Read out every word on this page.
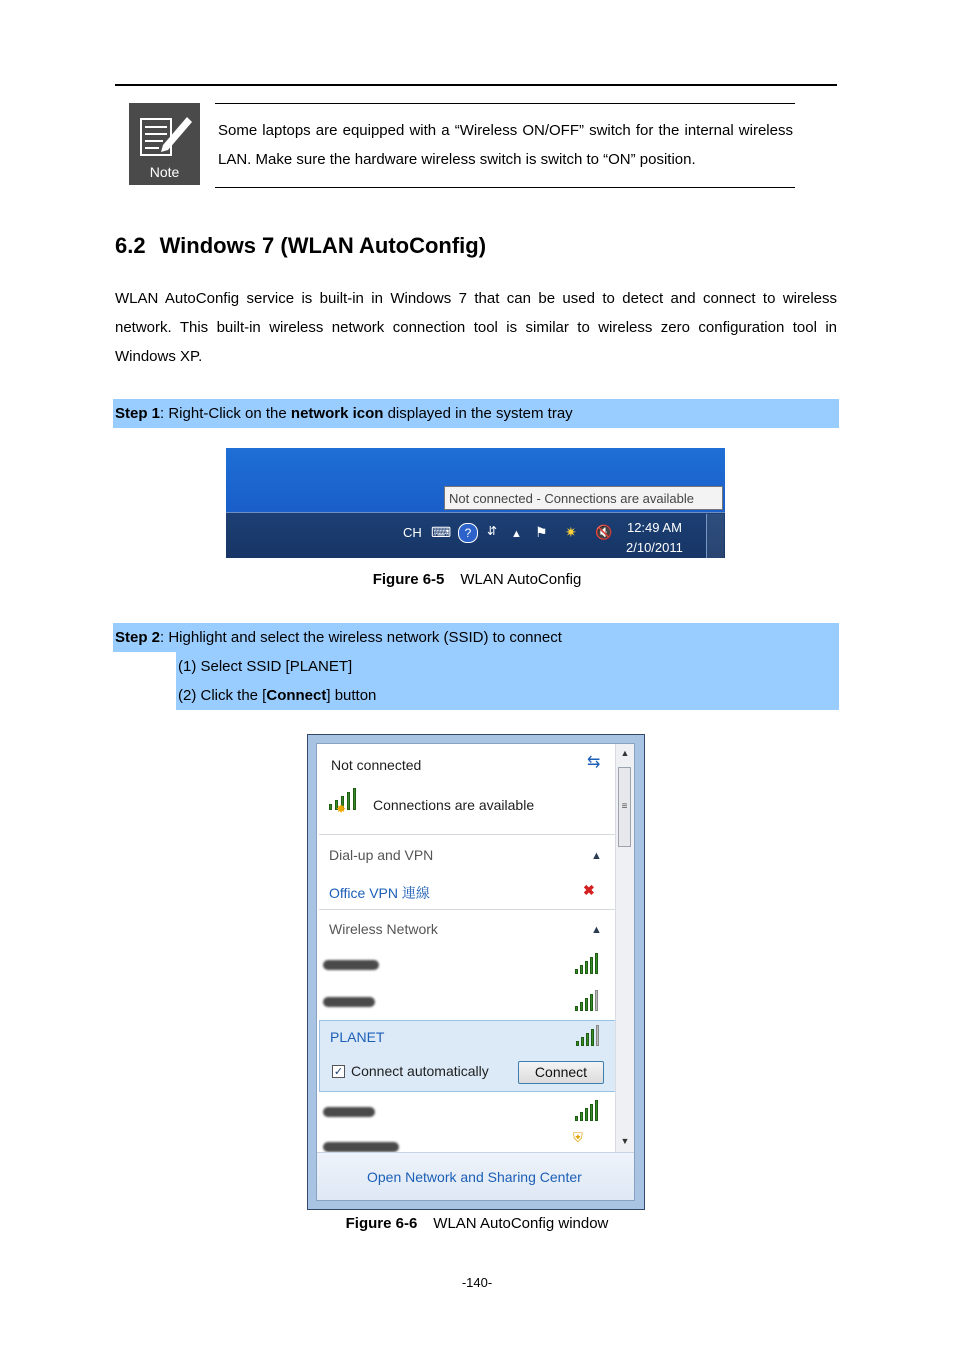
Note
Some laptops are equipped with a “Wireless ON/OFF” switch for the internal wireless LAN. Make sure the hardware wireless switch is switch to “ON” position.
6.2 Windows 7 (WLAN AutoConfig)
WLAN AutoConfig service is built-in in Windows 7 that can be used to detect and connect to wireless network. This built-in wireless network connection tool is similar to wireless zero configuration tool in Windows XP.
Step 1: Right-Click on the network icon displayed in the system tray
Not connected - Connections are available
CH ⌨	?	⇵ ▲ ⚑ ✷ 🔇 12:49 AM
2/10/2011
Figure 6-5 WLAN AutoConfig
Step 2: Highlight and select the wireless network (SSID) to connect
(1) Select SSID [PLANET]
(2) Click the [Connect] button
Not connected	⇆
✸ Connections are available
Dial-up and VPN	▲
Office VPN 連線	✖
Wireless Network	▲
PLANET
✓ Connect automatically	Connect
⛨
▲
≡
▼
Open Network and Sharing Center
Figure 6-6 WLAN AutoConfig window
-140-
